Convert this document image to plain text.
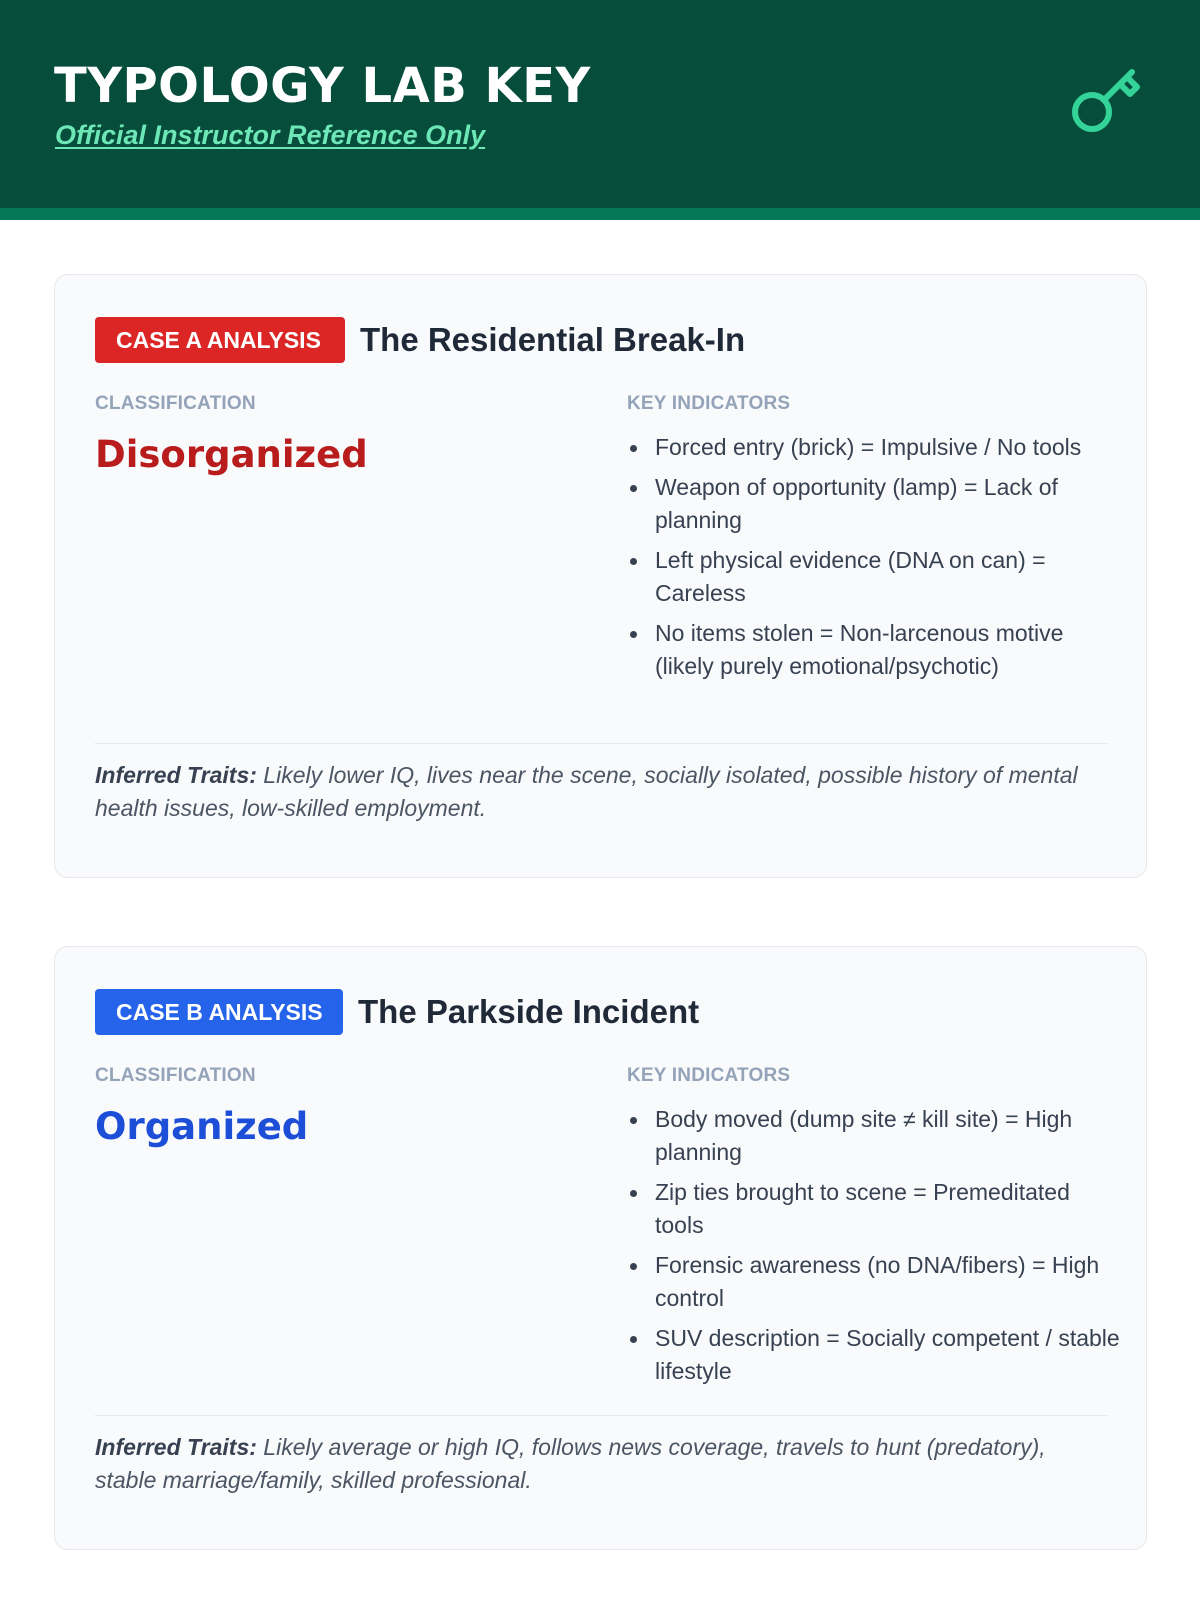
TYPOLOGY LAB KEY
Official Instructor Reference Only
CASE A ANALYSIS	The Residential Break-In
CLASSIFICATION	KEY INDICATORS
Disorganized	Forced entry (brick) = Impulsive / No tools
Weapon of opportunity (lamp) = Lack of planning
Left physical evidence (DNA on can) = Careless
No items stolen = Non-larcenous motive (likely purely emotional/psychotic)
Inferred Traits: Likely lower IQ, lives near the scene, socially isolated, possible history of mental health issues, low-skilled employment.
CASE B ANALYSIS	The Parkside Incident
CLASSIFICATION	KEY INDICATORS
Organized	Body moved (dump site ≠ kill site) = High planning
Zip ties brought to scene = Premeditated tools
Forensic awareness (no DNA/fibers) = High control
SUV description = Socially competent / stable lifestyle
Inferred Traits: Likely average or high IQ, follows news coverage, travels to hunt (predatory), stable marriage/family, skilled professional.
